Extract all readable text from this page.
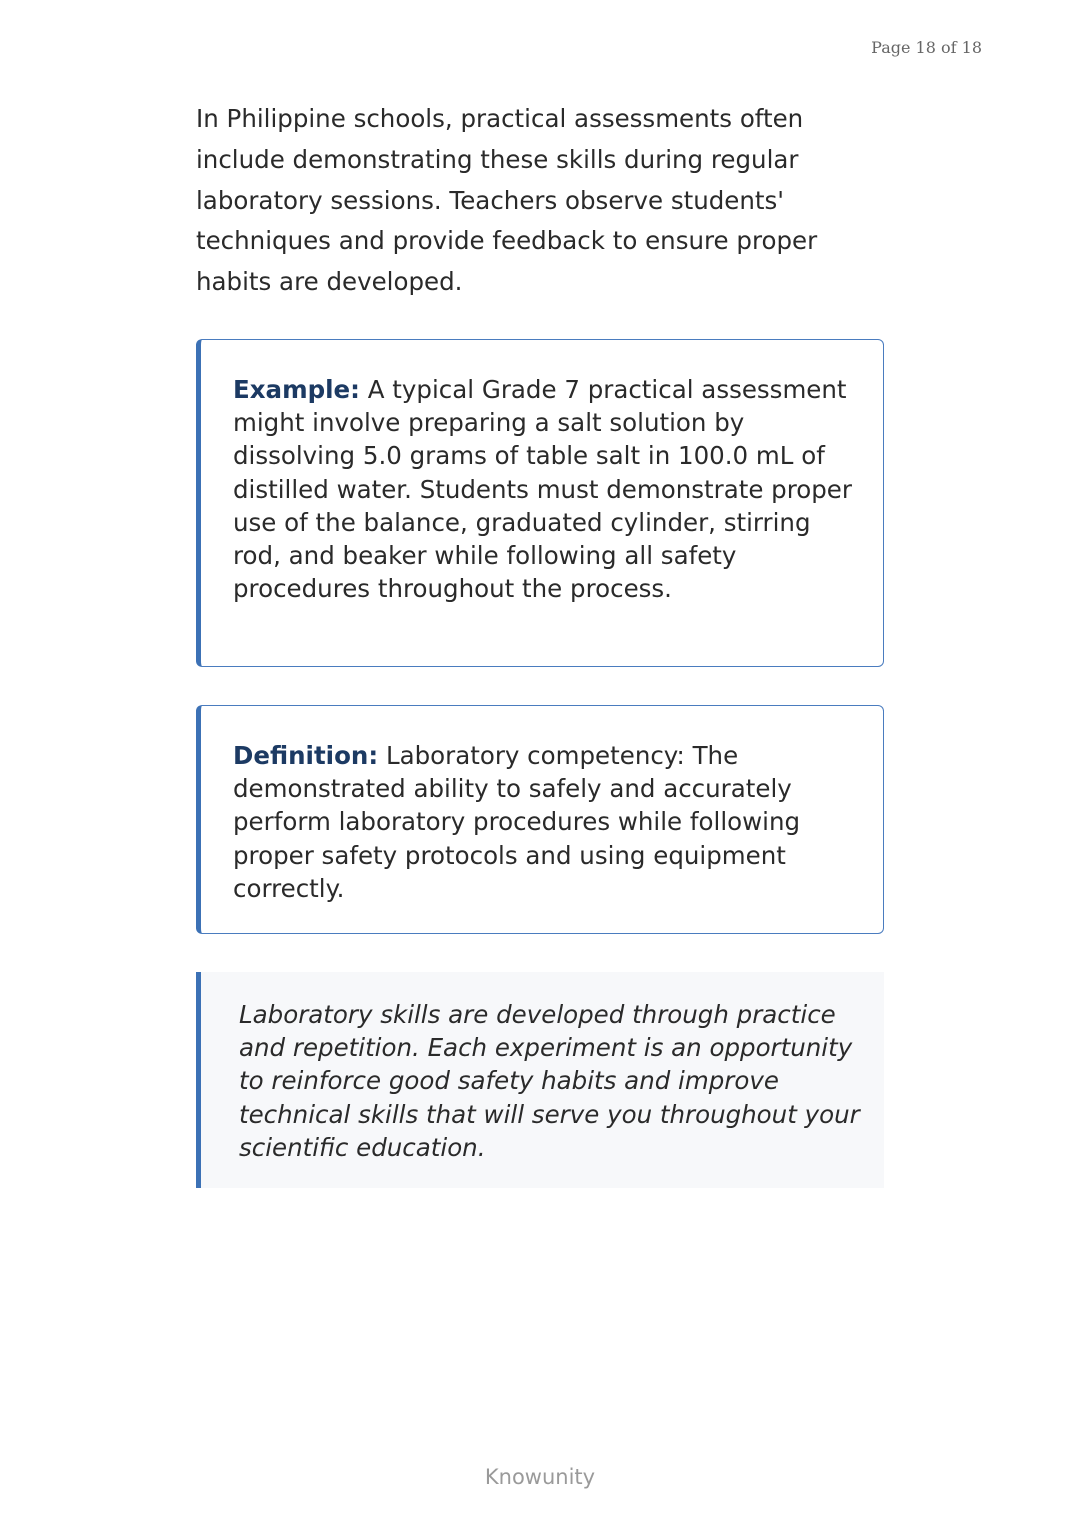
Page 18 of 18

In Philippine schools, practical assessments often include demonstrating these skills during regular laboratory sessions. Teachers observe students' techniques and provide feedback to ensure proper habits are developed.

Example: A typical Grade 7 practical assessment might involve preparing a salt solution by dissolving 5.0 grams of table salt in 100.0 mL of distilled water. Students must demonstrate proper use of the balance, graduated cylinder, stirring rod, and beaker while following all safety procedures throughout the process.

Definition: Laboratory competency: The demonstrated ability to safely and accurately perform laboratory procedures while following proper safety protocols and using equipment correctly.

Laboratory skills are developed through practice and repetition. Each experiment is an opportunity to reinforce good safety habits and improve technical skills that will serve you throughout your scientific education.

Knowunity
